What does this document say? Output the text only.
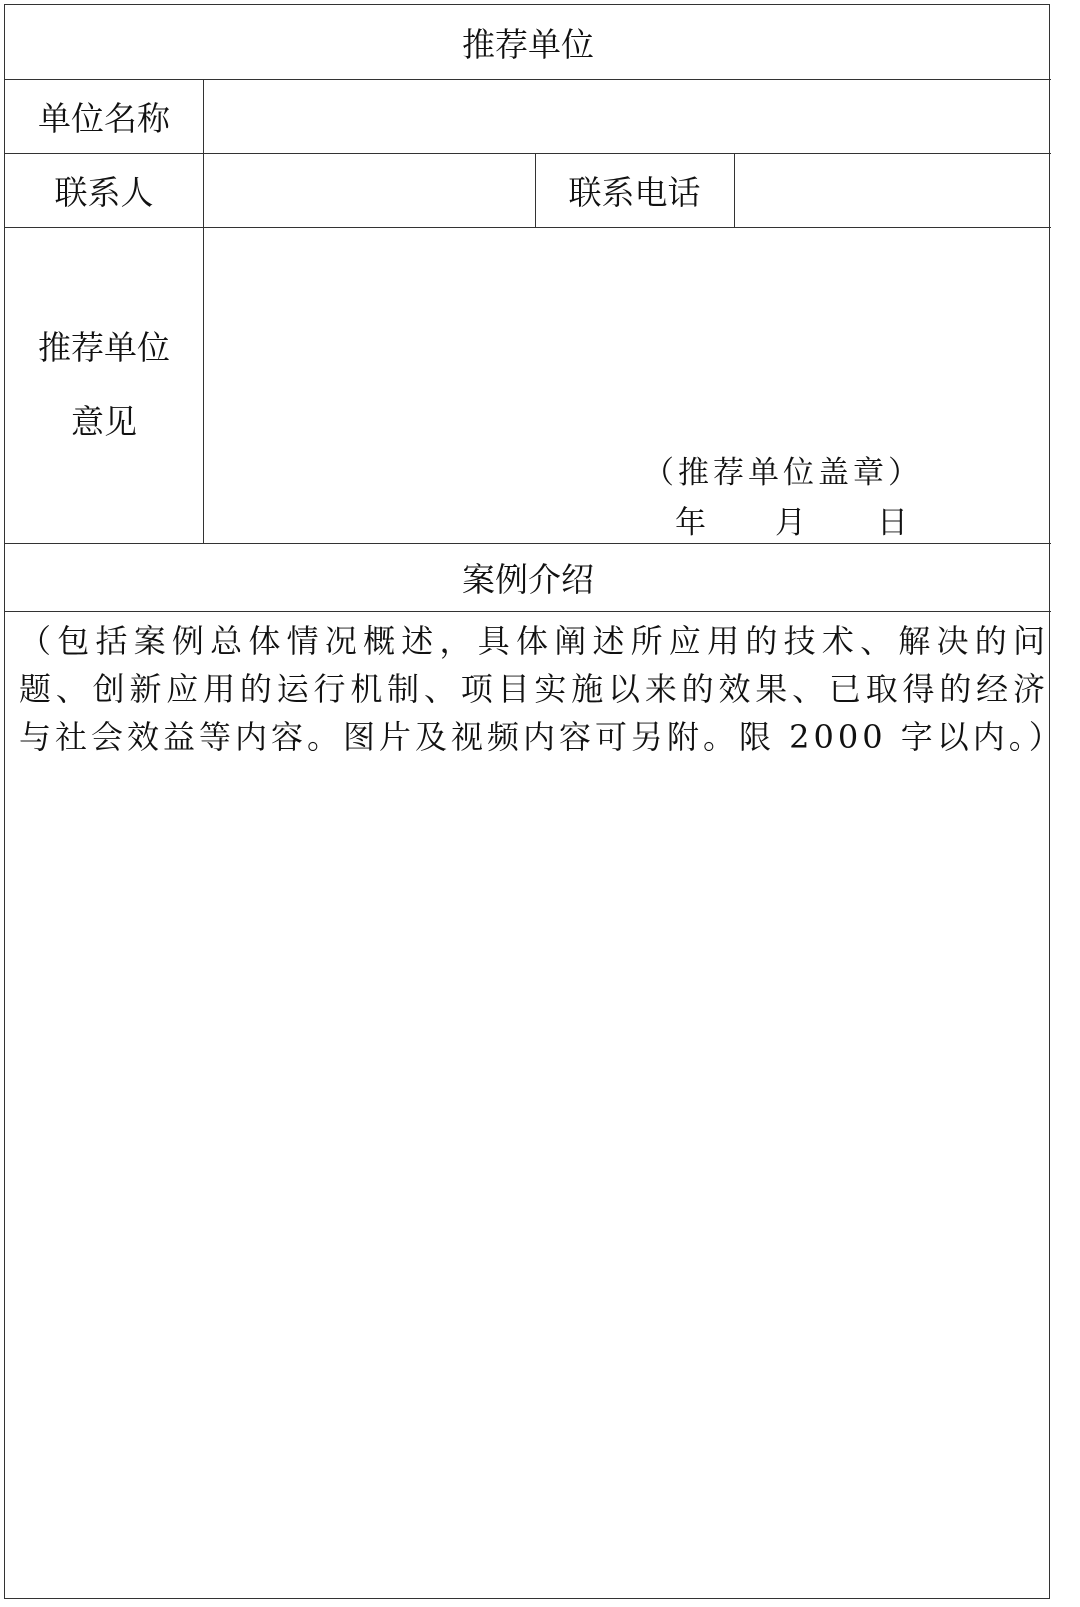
推荐单位
单位名称
联系人	联系电话
推荐单位
意见
（推荐单位盖章）
年 月 日
案例介绍
（包括案例总体情况概述，具体阐述所应用的技术、解决的问题、创新应用的运行机制、项目实施以来的效果、已取得的经济与社会效益等内容。图片及视频内容可另附。限 2000 字以内。）
